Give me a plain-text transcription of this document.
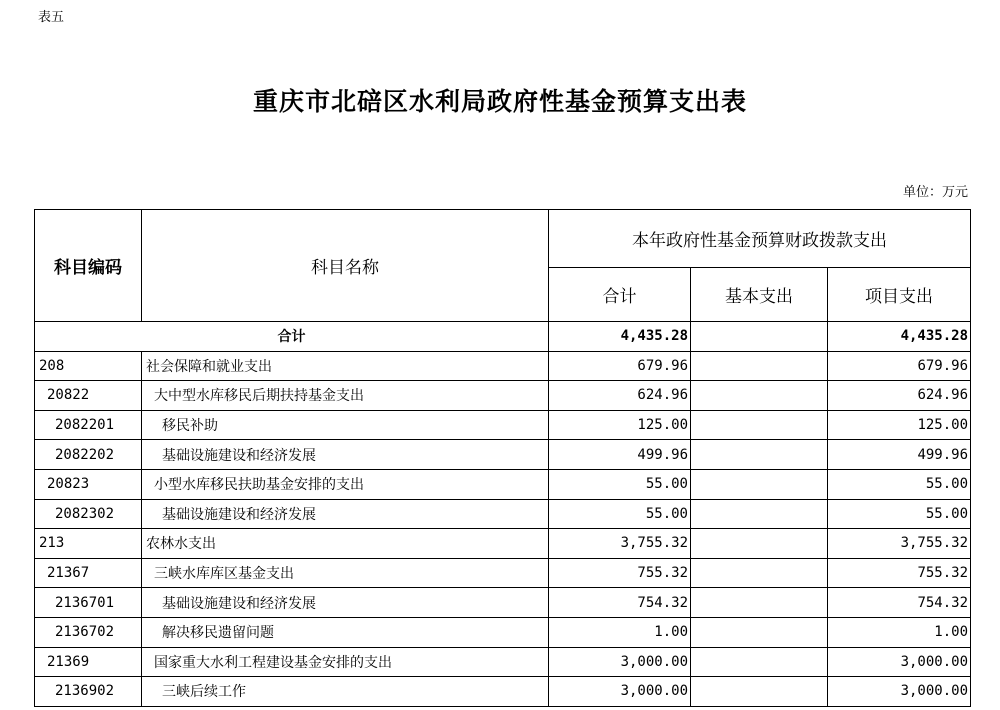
表五
重庆市北碚区水利局政府性基金预算支出表
单位：万元
科目编码	科目名称	本年政府性基金预算财政拨款支出		
		合计	基本支出	项目支出
合计		4,435.28		4,435.28
208	社会保障和就业支出	679.96		679.96
20822	大中型水库移民后期扶持基金支出	624.96		624.96
2082201	移民补助	125.00		125.00
2082202	基础设施建设和经济发展	499.96		499.96
20823	小型水库移民扶助基金安排的支出	55.00		55.00
2082302	基础设施建设和经济发展	55.00		55.00
213	农林水支出	3,755.32		3,755.32
21367	三峡水库库区基金支出	755.32		755.32
2136701	基础设施建设和经济发展	754.32		754.32
2136702	解决移民遗留问题	1.00		1.00
21369	国家重大水利工程建设基金安排的支出	3,000.00		3,000.00
2136902	三峡后续工作	3,000.00		3,000.00
